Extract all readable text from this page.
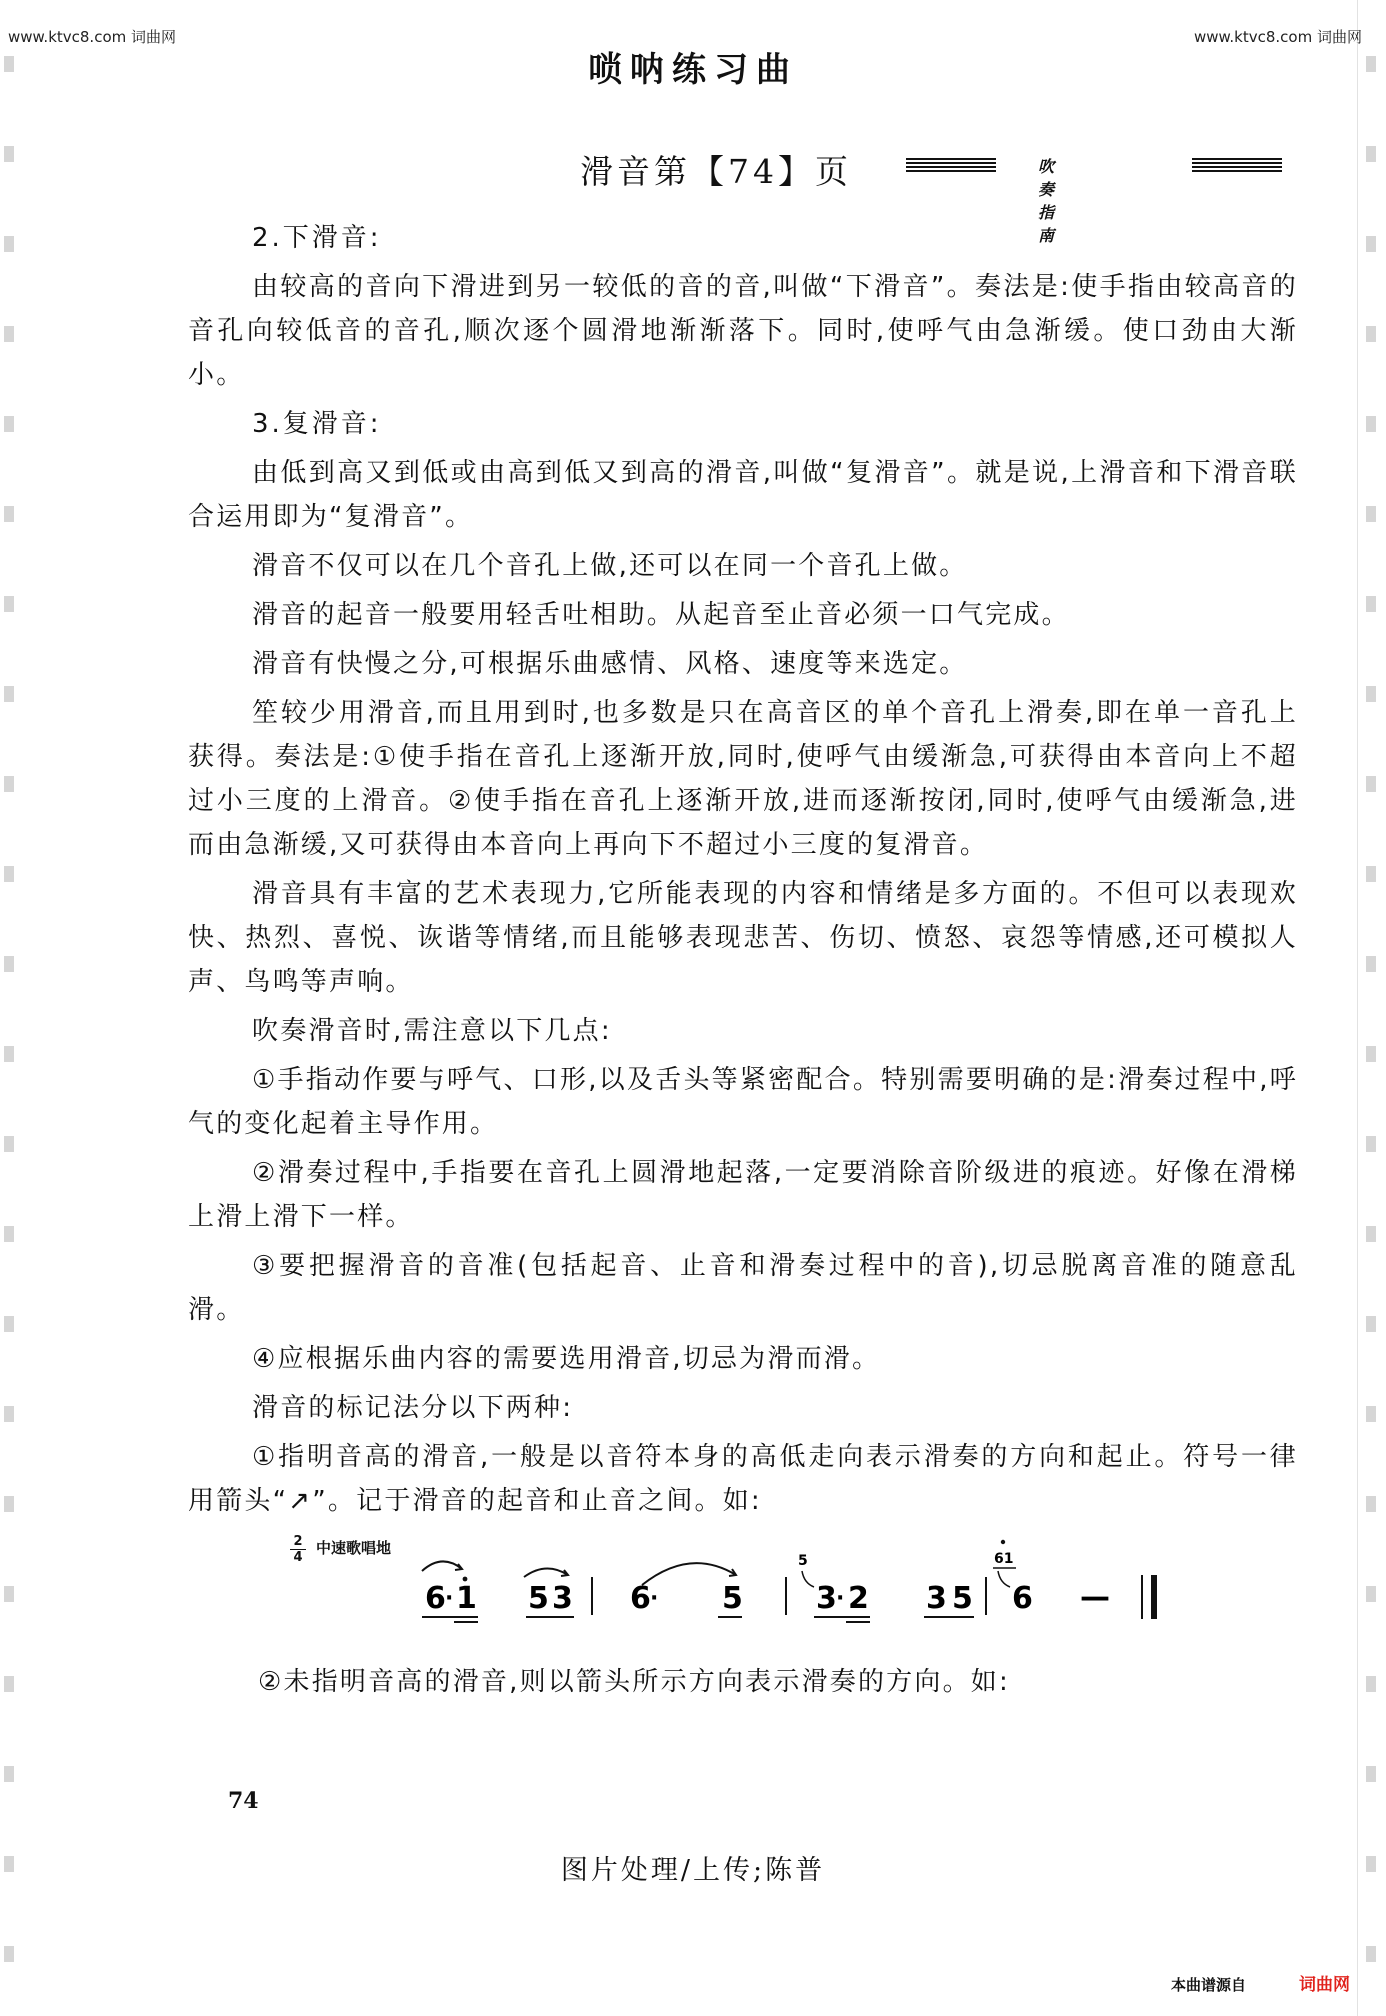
www.ktvc8.com 词曲网	www.ktvc8.com 词曲网
唢呐练习曲
滑音第【74】页	吹奏指南

2.下滑音:

由较高的音向下滑进到另一较低的音的音,叫做“下滑音”。奏法是:使手指由较高音的音孔向较低音的音孔,顺次逐个圆滑地渐渐落下。同时,使呼气由急渐缓。使口劲由大渐小。

3.复滑音:

由低到高又到低或由高到低又到高的滑音,叫做“复滑音”。就是说,上滑音和下滑音联合运用即为“复滑音”。

滑音不仅可以在几个音孔上做,还可以在同一个音孔上做。

滑音的起音一般要用轻舌吐相助。从起音至止音必须一口气完成。

滑音有快慢之分,可根据乐曲感情、风格、速度等来选定。

笙较少用滑音,而且用到时,也多数是只在高音区的单个音孔上滑奏,即在单一音孔上获得。奏法是:①使手指在音孔上逐渐开放,同时,使呼气由缓渐急,可获得由本音向上不超过小三度的上滑音。②使手指在音孔上逐渐开放,进而逐渐按闭,同时,使呼气由缓渐急,进而由急渐缓,又可获得由本音向上再向下不超过小三度的复滑音。

滑音具有丰富的艺术表现力,它所能表现的内容和情绪是多方面的。不但可以表现欢快、热烈、喜悦、诙谐等情绪,而且能够表现悲苦、伤切、愤怒、哀怨等情感,还可模拟人声、鸟鸣等声响。

吹奏滑音时,需注意以下几点:

①手指动作要与呼气、口形,以及舌头等紧密配合。特别需要明确的是:滑奏过程中,呼气的变化起着主导作用。

②滑奏过程中,手指要在音孔上圆滑地起落,一定要消除音阶级进的痕迹。好像在滑梯上滑上滑下一样。

③要把握滑音的音准(包括起音、止音和滑奏过程中的音),切忌脱离音准的随意乱滑。

④应根据乐曲内容的需要选用滑音,切忌为滑而滑。

滑音的标记法分以下两种:

①指明音高的滑音,一般是以音符本身的高低走向表示滑奏的方向和起止。符号一律用箭头“↗”。记于滑音的起音和止音之间。如:

2
4
中速歌唱地
6 · 1 5 3 6 · 5
5
3 · 2 3 5
61
6 —

②未指明音高的滑音,则以箭头所示方向表示滑奏的方向。如:

74
图片处理/上传;陈普
本曲谱源自	词曲网
